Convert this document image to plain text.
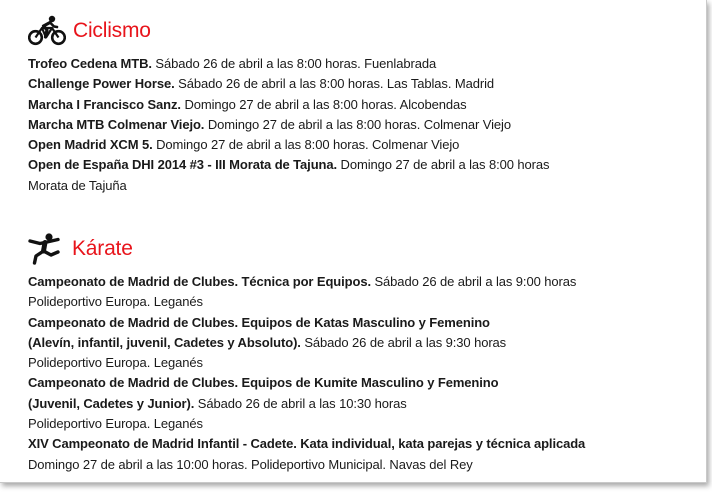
Ciclismo
Trofeo Cedena MTB. Sábado 26 de abril a las 8:00 horas. Fuenlabrada
Challenge Power Horse. Sábado 26 de abril a las 8:00 horas. Las Tablas. Madrid
Marcha I Francisco Sanz. Domingo 27 de abril a las 8:00 horas. Alcobendas
Marcha MTB Colmenar Viejo. Domingo 27 de abril a las 8:00 horas. Colmenar Viejo
Open Madrid XCM 5. Domingo 27 de abril a las 8:00 horas. Colmenar Viejo
Open de España DHI 2014 #3 - III Morata de Tajuna. Domingo 27 de abril a las 8:00 horas
Morata de Tajuña
Kárate
Campeonato de Madrid de Clubes. Técnica por Equipos. Sábado 26 de abril a las 9:00 horas
Polideportivo Europa. Leganés
Campeonato de Madrid de Clubes. Equipos de Katas Masculino y Femenino
(Alevín, infantil, juvenil, Cadetes y Absoluto). Sábado 26 de abril a las 9:30 horas
Polideportivo Europa. Leganés
Campeonato de Madrid de Clubes. Equipos de Kumite Masculino y Femenino
(Juvenil, Cadetes y Junior). Sábado 26 de abril a las 10:30 horas
Polideportivo Europa. Leganés
XIV Campeonato de Madrid Infantil - Cadete. Kata individual, kata parejas y técnica aplicada
Domingo 27 de abril a las 10:00 horas. Polideportivo Municipal. Navas del Rey
